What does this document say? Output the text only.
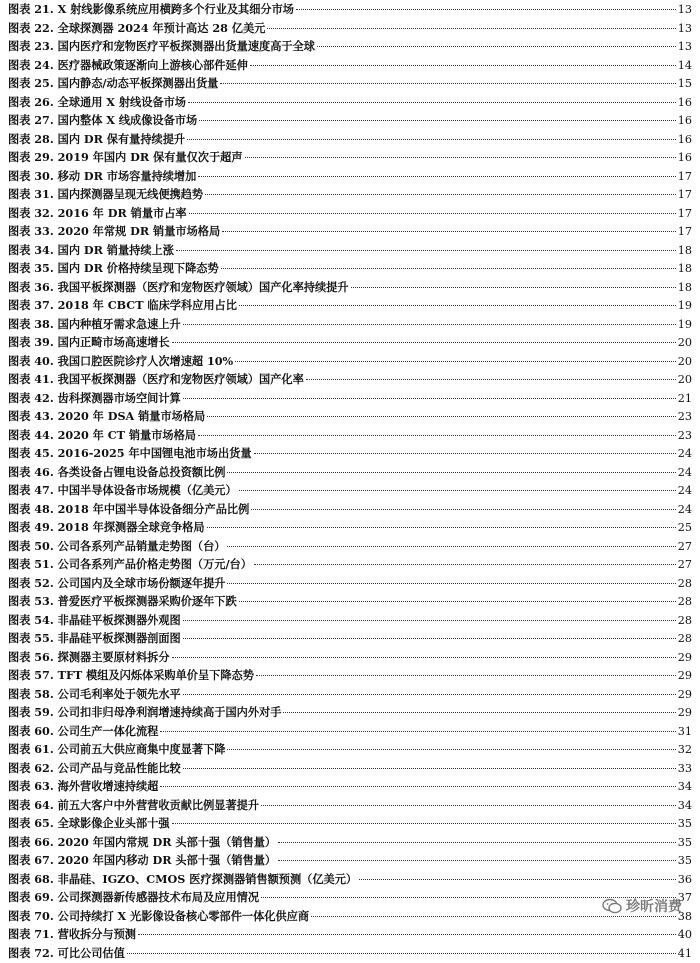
图表 21. X 射线影像系统应用横跨多个行业及其细分市场	13
图表 22. 全球探测器 2024 年预计高达 28 亿美元	13
图表 23. 国内医疗和宠物医疗平板探测器出货量速度高于全球	13
图表 24. 医疗器械政策逐渐向上游核心部件延伸	14
图表 25. 国内静态/动态平板探测器出货量	15
图表 26. 全球通用 X 射线设备市场	16
图表 27. 国内整体 X 线成像设备市场	16
图表 28. 国内 DR 保有量持续提升	16
图表 29. 2019 年国内 DR 保有量仅次于超声	16
图表 30. 移动 DR 市场容量持续增加	17
图表 31. 国内探测器呈现无线便携趋势	17
图表 32. 2016 年 DR 销量市占率	17
图表 33. 2020 年常规 DR 销量市场格局	17
图表 34. 国内 DR 销量持续上涨	18
图表 35. 国内 DR 价格持续呈现下降态势	18
图表 36. 我国平板探测器（医疗和宠物医疗领域）国产化率持续提升	18
图表 37. 2018 年 CBCT 临床学科应用占比	19
图表 38. 国内种植牙需求急速上升	19
图表 39. 国内正畸市场高速增长	20
图表 40. 我国口腔医院诊疗人次增速超 10%	20
图表 41. 我国平板探测器（医疗和宠物医疗领域）国产化率	20
图表 42. 齿科探测器市场空间计算	21
图表 43. 2020 年 DSA 销量市场格局	23
图表 44. 2020 年 CT 销量市场格局	23
图表 45. 2016-2025 年中国锂电池市场出货量	24
图表 46. 各类设备占锂电设备总投资额比例	24
图表 47. 中国半导体设备市场规模（亿美元）	24
图表 48. 2018 年中国半导体设备细分产品比例	24
图表 49. 2018 年探测器全球竞争格局	25
图表 50. 公司各系列产品销量走势图（台）	27
图表 51. 公司各系列产品价格走势图（万元/台）	27
图表 52. 公司国内及全球市场份额逐年提升	28
图表 53. 普爱医疗平板探测器采购价逐年下跌	28
图表 54. 非晶硅平板探测器外观图	28
图表 55. 非晶硅平板探测器剖面图	28
图表 56. 探测器主要原材料拆分	29
图表 57. TFT 模组及闪烁体采购单价呈下降态势	29
图表 58. 公司毛利率处于领先水平	29
图表 59. 公司扣非归母净利润增速持续高于国内外对手	29
图表 60. 公司生产一体化流程	31
图表 61. 公司前五大供应商集中度显著下降	32
图表 62. 公司产品与竞品性能比较	33
图表 63. 海外营收增速持续超	34
图表 64. 前五大客户中外营营收贡献比例显著提升	34
图表 65. 全球影像企业头部十强	35
图表 66. 2020 年国内常规 DR 头部十强（销售量）	35
图表 67. 2020 年国内移动 DR 头部十强（销售量）	35
图表 68. 非晶硅、IGZO、CMOS 医疗探测器销售额预测（亿美元）	36
图表 69. 公司探测器新传感器技术布局及应用情况	37
图表 70. 公司持续打 X 光影像设备核心零部件一体化供应商	38
图表 71. 营收拆分与预测	40
图表 72. 可比公司估值	41
珍昕消费
